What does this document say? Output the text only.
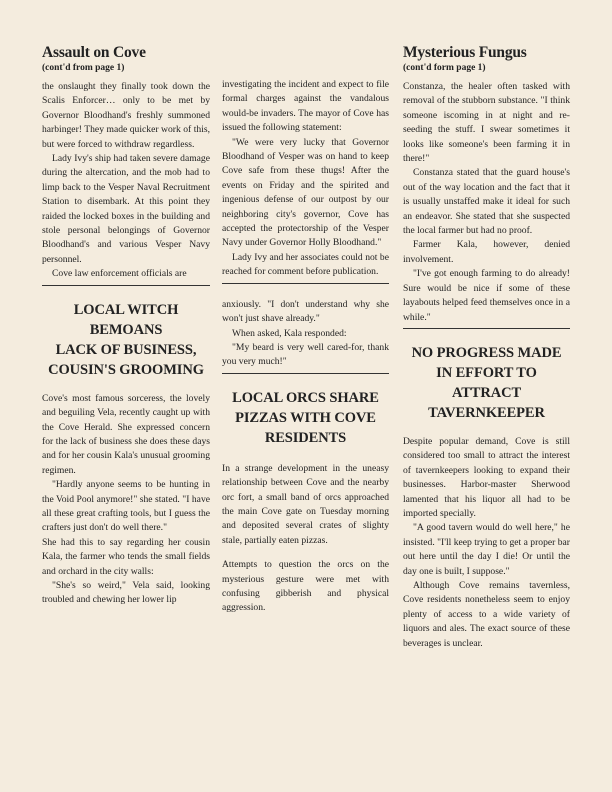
Assault on Cove
(cont'd from page 1)

the onslaught they finally took down the Scalis Enforcer… only to be met by Governor Bloodhand's freshly summoned harbinger! They made quicker work of this, but were forced to withdraw regardless.

Lady Ivy's ship had taken severe damage during the altercation, and the mob had to limp back to the Vesper Naval Recruitment Station to disembark. At this point they raided the locked boxes in the building and stole personal belongings of Governor Bloodhand's and various Vesper Navy personnel.

Cove law enforcement officials are

LOCAL WITCH
BEMOANS
LACK OF BUSINESS,
COUSIN'S GROOMING

Cove's most famous sorceress, the lovely and beguiling Vela, recently caught up with the Cove Herald. She expressed concern for the lack of business she does these days and for her cousin Kala's unusual grooming regimen.

"Hardly anyone seems to be hunting in the Void Pool anymore!" she stated. "I have all these great crafting tools, but I guess the crafters just don't do well there."

She had this to say regarding her cousin Kala, the farmer who tends the small fields and orchard in the city walls:

"She's so weird," Vela said, looking troubled and chewing her lower lip

investigating the incident and expect to file formal charges against the vandalous would-be invaders. The mayor of Cove has issued the following statement:

"We were very lucky that Governor Bloodhand of Vesper was on hand to keep Cove safe from these thugs! After the events on Friday and the spirited and ingenious defense of our outpost by our neighboring city's governor, Cove has accepted the protectorship of the Vesper Navy under Governor Holly Bloodhand."

Lady Ivy and her associates could not be reached for comment before publication.

anxiously. "I don't understand why she won't just shave already."

When asked, Kala responded:

"My beard is very well cared-for, thank you very much!"

LOCAL ORCS SHARE
PIZZAS WITH COVE
RESIDENTS

In a strange development in the uneasy relationship between Cove and the nearby orc fort, a small band of orcs approached the main Cove gate on Tuesday morning and deposited several crates of slighty stale, partially eaten pizzas.

Attempts to question the orcs on the mysterious gesture were met with confusing gibberish and physical aggression.

Mysterious Fungus
(cont'd form page 1)

Constanza, the healer often tasked with removal of the stubborn substance. "I think someone iscoming in at night and re-seeding the stuff. I swear sometimes it looks like someone's been farming it in there!"

Constanza stated that the guard house's out of the way location and the fact that it is usually unstaffed make it ideal for such an endeavor. She stated that she suspected the local farmer but had no proof.

Farmer Kala, however, denied involvement.

"I've got enough farming to do already! Sure would be nice if some of these layabouts helped feed themselves once in a while."

NO PROGRESS MADE
IN EFFORT TO
ATTRACT
TAVERNKEEPER

Despite popular demand, Cove is still considered too small to attract the interest of tavernkeepers looking to expand their businesses. Harbor-master Sherwood lamented that his liquor all had to be imported specially.

"A good tavern would do well here," he insisted. "I'll keep trying to get a proper bar out here until the day I die! Or until the day one is built, I suppose."

Although Cove remains tavernless, Cove residents nonetheless seem to enjoy plenty of access to a wide variety of liquors and ales. The exact source of these beverages is unclear.
